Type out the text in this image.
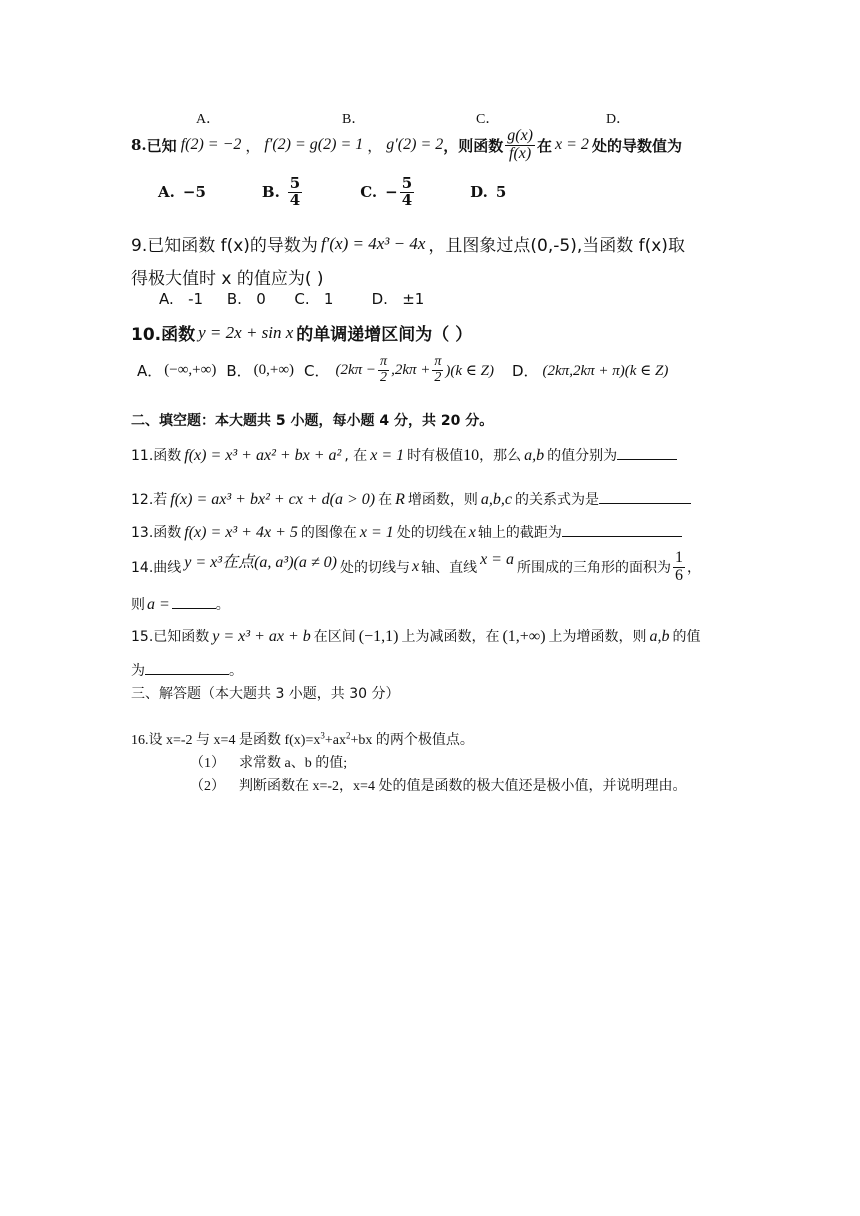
A．	B．	C．	D．
8. 已知 f(2) = −2 ， f′(2) = g(2) = 1 ， g′(2) = 2 ，则函数 $\frac{g(x)}{f(x)}$ 在 x = 2 处的导数值为
A. −5	B. $\frac{5}{4}$	C. − $\frac{5}{4}$	D. 5
9.已知函数 f(x)的导数为 f′(x) = 4x³ − 4x ，且图象过点(0,-5),当函数 f(x)取
得极大值时 x 的值应为( )
A.   -1     B.   0      C.   1        D.   ±1
10.函数 y = 2x + sin x 的单调递增区间为（ ）
A． (−∞,+∞) B． (0,+∞) C． $(2k\pi - \frac{\pi}{2} ,2k\pi + \frac{\pi}{2} )(k$ ∈ Z) D． (2kπ,2kπ + π)(k ∈ Z)
二、填空题：本大题共 5 小题，每小题 4 分，共 20 分。
11.函数 f(x) = x³ + ax² + bx + a² , 在 x = 1 时有极值 10 ，那么 a,b 的值分别为
12.若 f(x) = ax³ + bx² + cx + d(a > 0) 在 R 增函数，则 a,b,c 的关系式为是
13.函数 f(x) = x³ + 4x + 5 的图像在 x = 1 处的切线在 x 轴上的截距为
14.曲线 y = x³在点(a, a³)(a ≠ 0) 处的切线与 x 轴、直线 x = a 所围成的三角形的面积为 $\frac{1}{6}$ ，
则 a =	。
15.已知函数 y = x³ + ax + b 在区间 (−1,1) 上为减函数，在 (1,+∞) 上为增函数，则 a,b 的值
为	。
三、解答题（本大题共 3 小题，共 30 分）
16.设 x=-2 与 x=4 是函数 $f(x)=x^3+ax^2+bx$ 的两个极值点。
（1） 求常数 a、b 的值;
（2） 判断函数在 x=-2，x=4 处的值是函数的极大值还是极小值，并说明理由。
